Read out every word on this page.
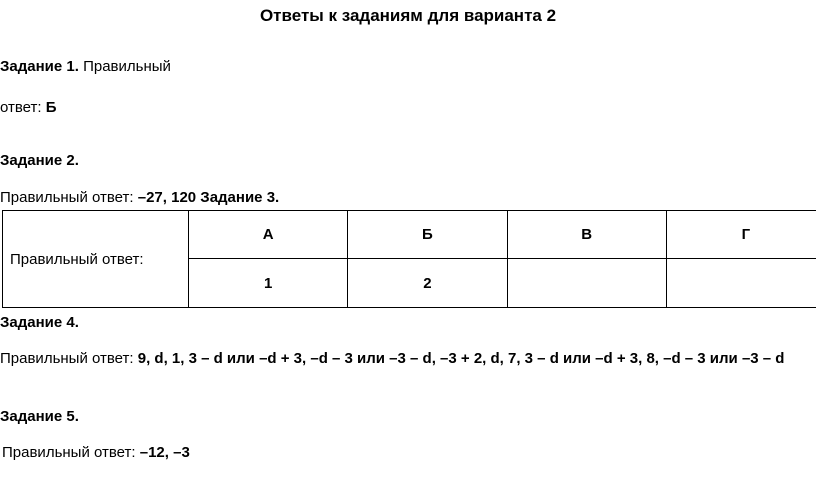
Ответы к заданиям для варианта 2
Задание 1. Правильный
ответ: Б
Задание 2.
Правильный ответ: –27, 120 Задание 3.
Правильный ответ:	А	Б	В	Г
	1	2		
Задание 4.
Правильный ответ: 9, d, 1, 3 – d или –d + 3, –d – 3 или –3 – d, –3 + 2, d, 7, 3 – d или –d + 3, 8, –d – 3 или –3 – d
Задание 5.
Правильный ответ: –12, –3
